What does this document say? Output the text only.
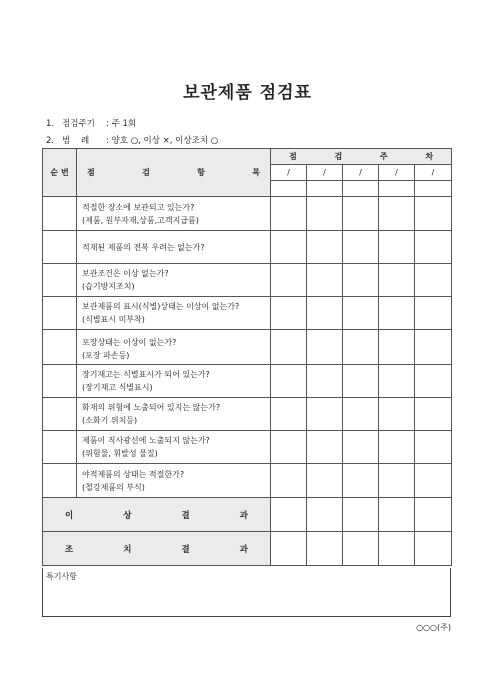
보관제품 점검표
1. 점검주기 : 주 1회
2. 범    례 : 양호 ○, 이상 ×, 이상조치 ○
순 번	점 검 항 목	점 검 주 차				

		/	/	/	/	/

	적절한 장소에 보관되고 있는가?
(제품, 원부자재,상품,고객지급품)					

	적재된 제품의 전복 우려는 없는가?					

	보관조건은 이상 없는가?
(습기방지조치)					

	보관제품의 표시(식별)상태는 이상이 없는가?
(식별표시 미부착)					

	포장상태는 이상이 없는가?
(포장 파손등)					

	장기재고는 식별표시가 되어 있는가?
(장기재고 식별표시)					

	화재의 위험에 노출되어 있지는 않는가?
(소화기 위치등)					

	제품이 직사광선에 노출되지 않는가?
(위험물, 휘발성 물질)					

	야적제품의 상태는 적절한가?
(철강제품의 부식)					

이 상 결 과						

조 치 결 과						

특기사항
○○○(주)
